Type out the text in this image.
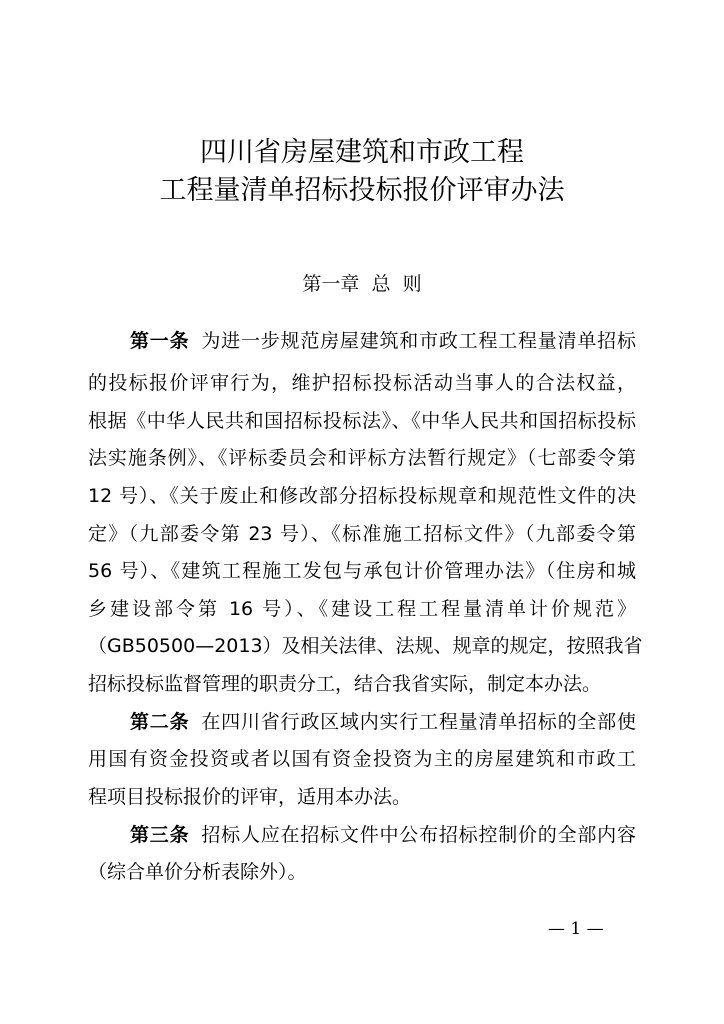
四川省房屋建筑和市政工程
工程量清单招标投标报价评审办法
第一章  总  则
第一条 为进一步规范房屋建筑和市政工程工程量清单招标
的投标报价评审行为，维护招标投标活动当事人的合法权益，
根据《中华人民共和国招标投标法》、《中华人民共和国招标投标
法实施条例》、《评标委员会和评标方法暂行规定》（七部委令第
12 号）、《关于废止和修改部分招标投标规章和规范性文件的决
定》（九部委令第 23 号）、《标准施工招标文件》（九部委令第
56 号）、《建筑工程施工发包与承包计价管理办法》（住房和城
乡建设部令第 16 号）、《建设工程工程量清单计价规范》
（GB50500—2013）及相关法律、法规、规章的规定，按照我省
招标投标监督管理的职责分工，结合我省实际，制定本办法。
第二条 在四川省行政区域内实行工程量清单招标的全部使
用国有资金投资或者以国有资金投资为主的房屋建筑和市政工
程项目投标报价的评审，适用本办法。
第三条 招标人应在招标文件中公布招标控制价的全部内容
（综合单价分析表除外）。
— 1 —
